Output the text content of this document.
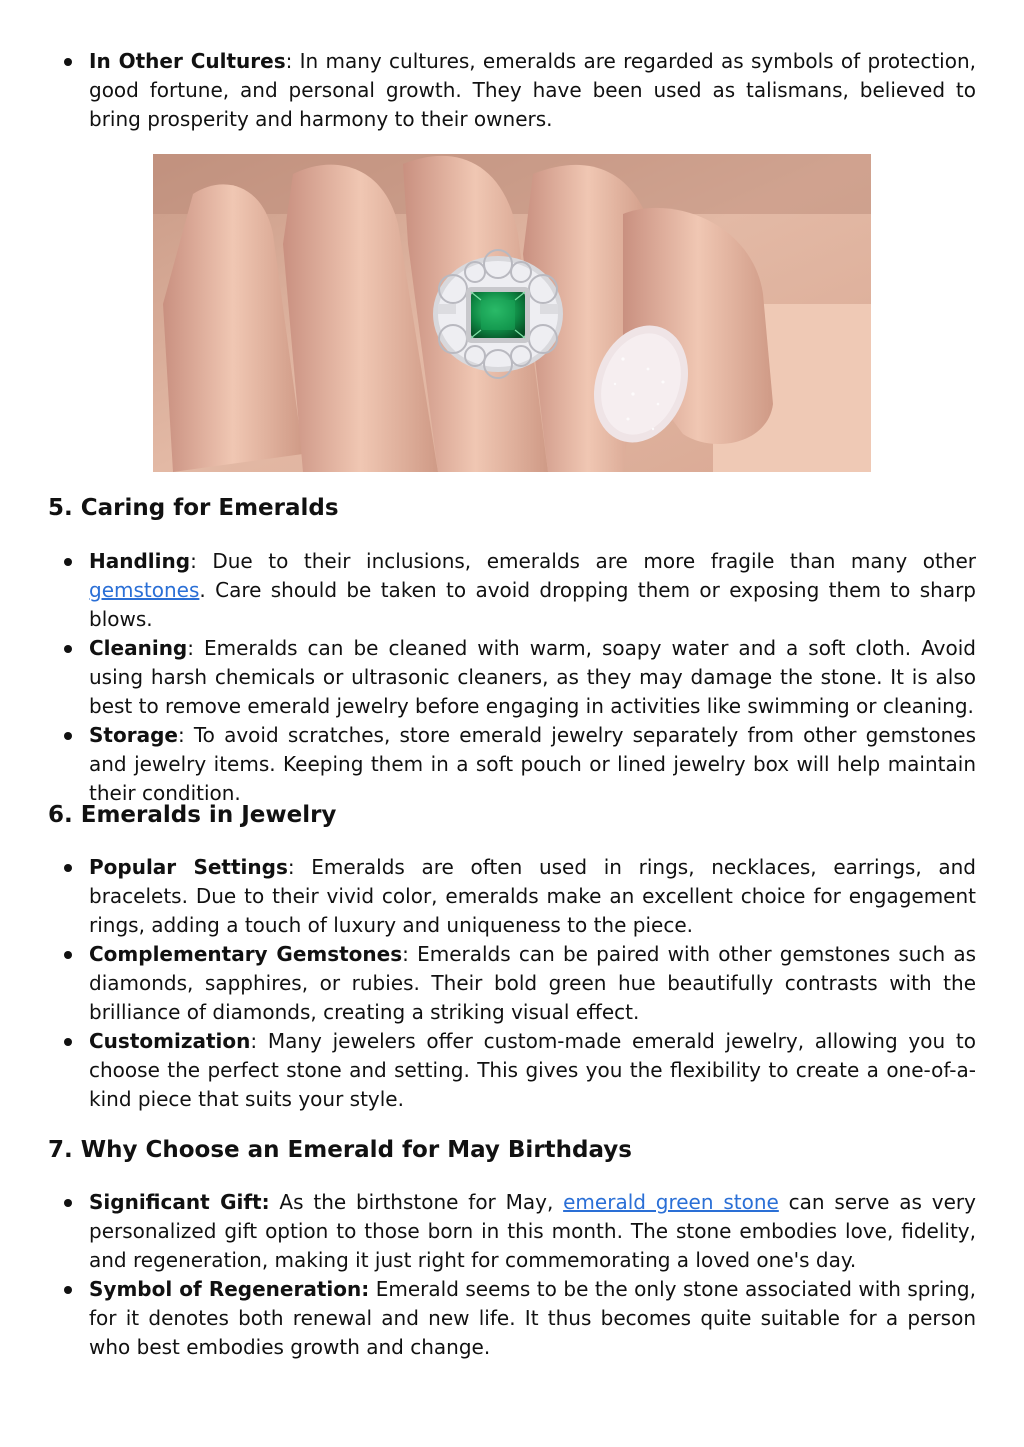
In Other Cultures: In many cultures, emeralds are regarded as symbols of protection, good fortune, and personal growth. They have been used as talismans, believed to bring prosperity and harmony to their owners.
5. Caring for Emeralds
Handling: Due to their inclusions, emeralds are more fragile than many other gemstones. Care should be taken to avoid dropping them or exposing them to sharp blows.
Cleaning: Emeralds can be cleaned with warm, soapy water and a soft cloth. Avoid using harsh chemicals or ultrasonic cleaners, as they may damage the stone. It is also best to remove emerald jewelry before engaging in activities like swimming or cleaning.
Storage: To avoid scratches, store emerald jewelry separately from other gemstones and jewelry items. Keeping them in a soft pouch or lined jewelry box will help maintain their condition.
6. Emeralds in Jewelry
Popular Settings: Emeralds are often used in rings, necklaces, earrings, and bracelets. Due to their vivid color, emeralds make an excellent choice for engagement rings, adding a touch of luxury and uniqueness to the piece.
Complementary Gemstones: Emeralds can be paired with other gemstones such as diamonds, sapphires, or rubies. Their bold green hue beautifully contrasts with the brilliance of diamonds, creating a striking visual effect.
Customization: Many jewelers offer custom-made emerald jewelry, allowing you to choose the perfect stone and setting. This gives you the flexibility to create a one-of-a-kind piece that suits your style.
7. Why Choose an Emerald for May Birthdays
Significant Gift: As the birthstone for May, emerald green stone can serve as very personalized gift option to those born in this month. The stone embodies love, fidelity, and regeneration, making it just right for commemorating a loved one's day.
Symbol of Regeneration: Emerald seems to be the only stone associated with spring, for it denotes both renewal and new life. It thus becomes quite suitable for a person who best embodies growth and change.
